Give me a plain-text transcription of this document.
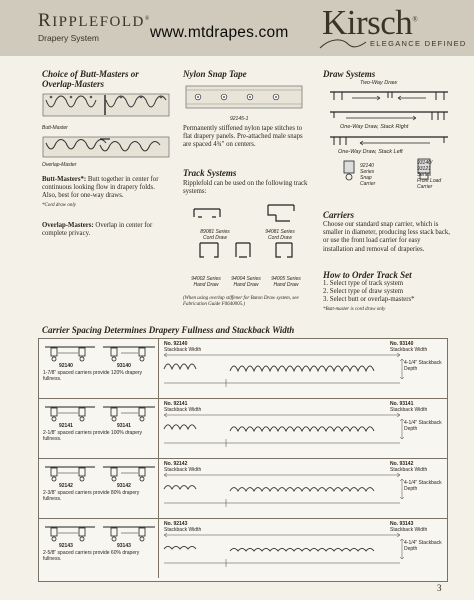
RIPPLEFOLD®
Drapery System	www.mtdrapes.com Kirsch®
ELEGANCE DEFINED
Choice of Butt-Masters or
Overlap-Masters
Butt-Master
Overlap-Master
Butt-Masters*: Butt together in center for continuous looking flow in drapery folds. Also, best for one-way draws.
*Cord draw only
Overlap-Masters: Overlap in center for complete privacy.
Nylon Snap Tape
92145-1
Permanently stiffened nylon tape stitches to flat drapery panels. Pre-attached male snaps are spaced 4¾" on centers.
Track Systems
Ripplefold can be used on the following track systems:
89081 Series
Cord Draw
94081 Series
Cord Draw
94002 Series
Hand Draw
94004 Series
Hand Draw
94005 Series
Hand Draw
(When using overlap stiffener for Baton Draw system, see Fabrication Guide F0640005.)
Draw Systems
Two-Way Draw
One-Way Draw, Stack Right
One-Way Draw, Stack Left
92140
Series
Snap
Carrier
93140/
93121
Series
Front Load
Carrier
Carriers
Choose our standard snap carrier, which is smaller in diameter, producing less stack back, or use the front load carrier for easy installation and removal of draperies.
How to Order Track Set
1. Select type of track system
2. Select type of draw system
3. Select butt or overlap-masters*
*Butt-master is cord draw only
Carrier Spacing Determines Drapery Fullness and Stackback Width
92140	93140
1-7/8" spaced carriers provide 120% drapery fullness.
No. 92140
Stackback Width
No. 93140
Stackback Width
4-1/4" Stackback Depth
92141	93141
2-1/8" spaced carriers provide 100% drapery fullness.
No. 92141
Stackback Width
No. 93141
Stackback Width
4-1/4" Stackback Depth
92142	93142
2-3/8" spaced carriers provide 80% drapery fullness.
No. 92142
Stackback Width
No. 93142
Stackback Width
4-1/4" Stackback Depth
92143	93143
2-5/8" spaced carriers provide 60% drapery fullness.
No. 92143
Stackback Width
No. 93143
Stackback Width
4-1/4" Stackback Depth
3
